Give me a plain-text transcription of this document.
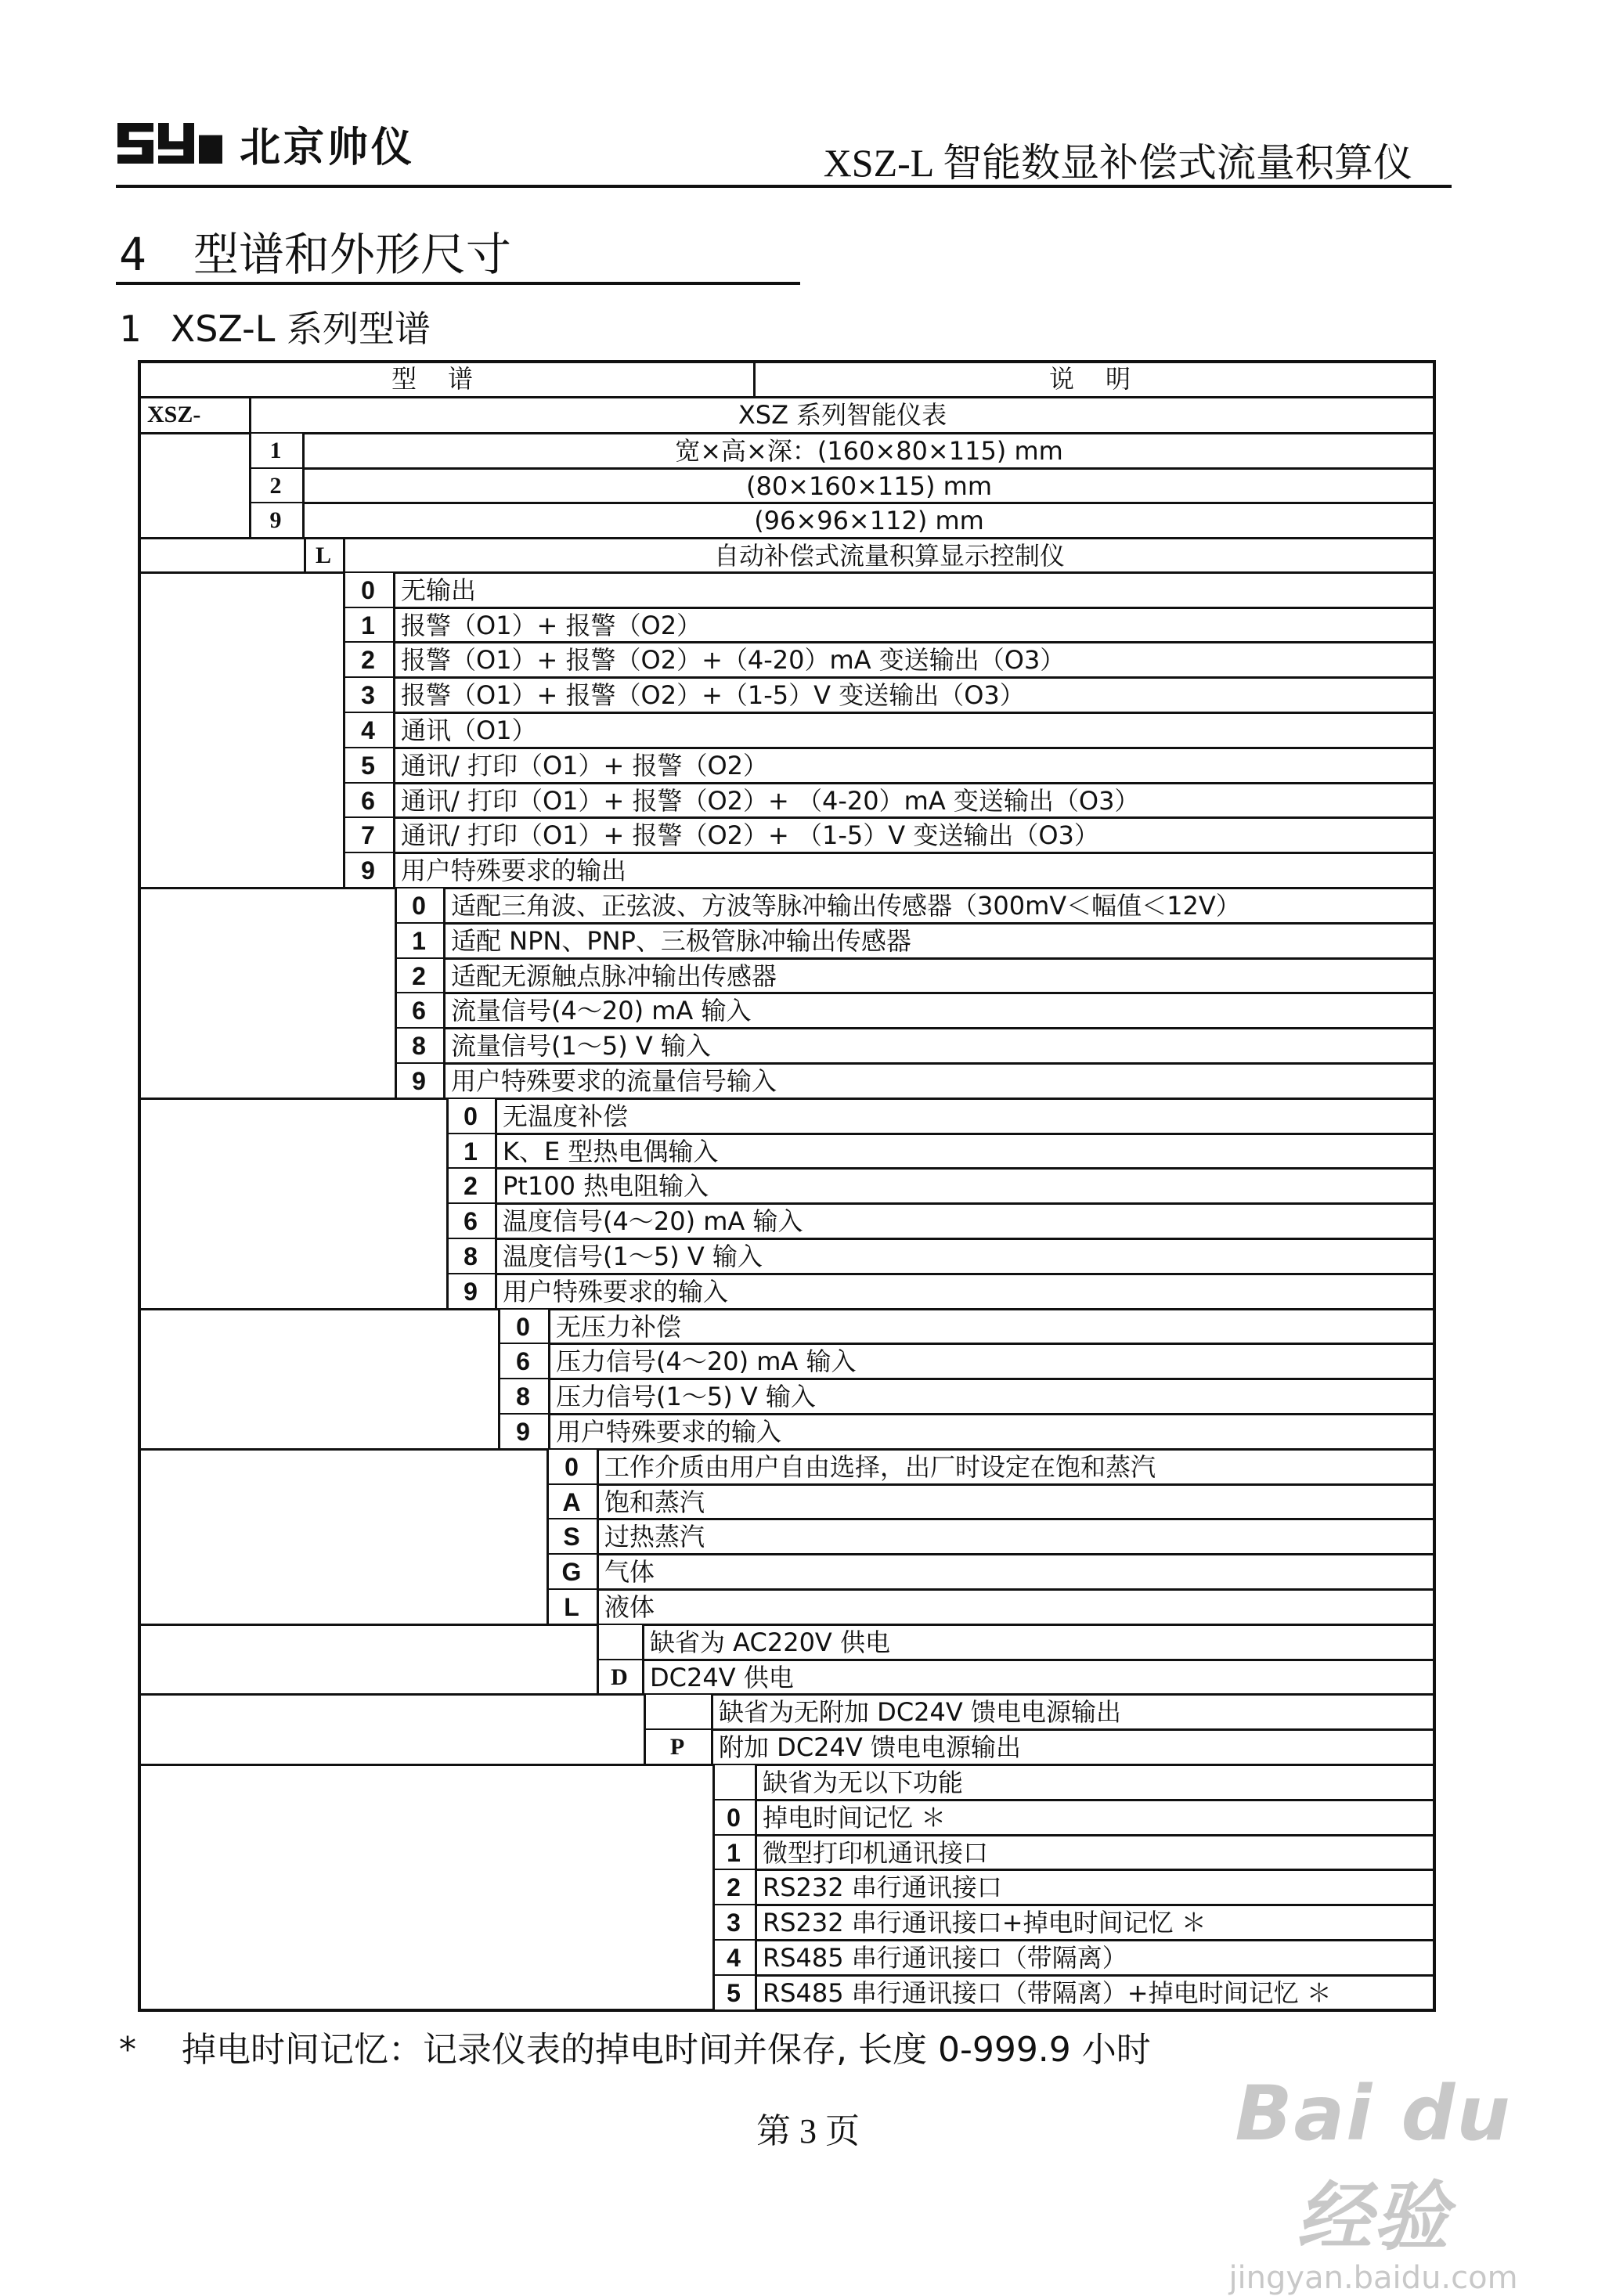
北京帅仪	XSZ-L 智能数显补偿式流量积算仪
4 型谱和外形尺寸
1 XSZ-L 系列型谱
型谱	说明
XSZ-	XSZ 系列智能仪表
1	宽×高×深：(160×80×115) mm
2	(80×160×115) mm
9	(96×96×112) mm
L	自动补偿式流量积算显示控制仪
0	无输出
1	报警（O1）+ 报警（O2）
2	报警（O1）+ 报警（O2）+（4-20）mA 变送输出（O3）
3	报警（O1）+ 报警（O2）+（1-5）V 变送输出（O3）
4	通讯（O1）
5	通讯/ 打印（O1）+ 报警（O2）
6	通讯/ 打印（O1）+ 报警（O2）+ （4-20）mA 变送输出（O3）
7	通讯/ 打印（O1）+ 报警（O2）+ （1-5）V 变送输出（O3）
9	用户特殊要求的输出
0	适配三角波、正弦波、方波等脉冲输出传感器（300mV＜幅值＜12V）
1	适配 NPN、PNP、三极管脉冲输出传感器
2	适配无源触点脉冲输出传感器
6	流量信号(4～20) mA 输入
8	流量信号(1～5) V 输入
9	用户特殊要求的流量信号输入
0	无温度补偿
1	K、E 型热电偶输入
2	Pt100 热电阻输入
6	温度信号(4～20) mA 输入
8	温度信号(1～5) V 输入
9	用户特殊要求的输入
0	无压力补偿
6	压力信号(4～20) mA 输入
8	压力信号(1～5) V 输入
9	用户特殊要求的输入
0	工作介质由用户自由选择，出厂时设定在饱和蒸汽
A 饱和蒸汽
S 过热蒸汽
G 气体
L	液体
缺省为 AC220V 供电
D DC24V 供电
缺省为无附加 DC24V 馈电电源输出
P	附加 DC24V 馈电电源输出
缺省为无以下功能
0 掉电时间记忆 ＊
1 微型打印机通讯接口
2 RS232 串行通讯接口
3 RS232 串行通讯接口+掉电时间记忆 ＊
4 RS485 串行通讯接口（带隔离）
5 RS485 串行通讯接口（带隔离）+掉电时间记忆 ＊
* 掉电时间记忆：记录仪表的掉电时间并保存, 长度 0-999.9 小时
第 3 页	Bai du 经验
jingyan.baidu.com
